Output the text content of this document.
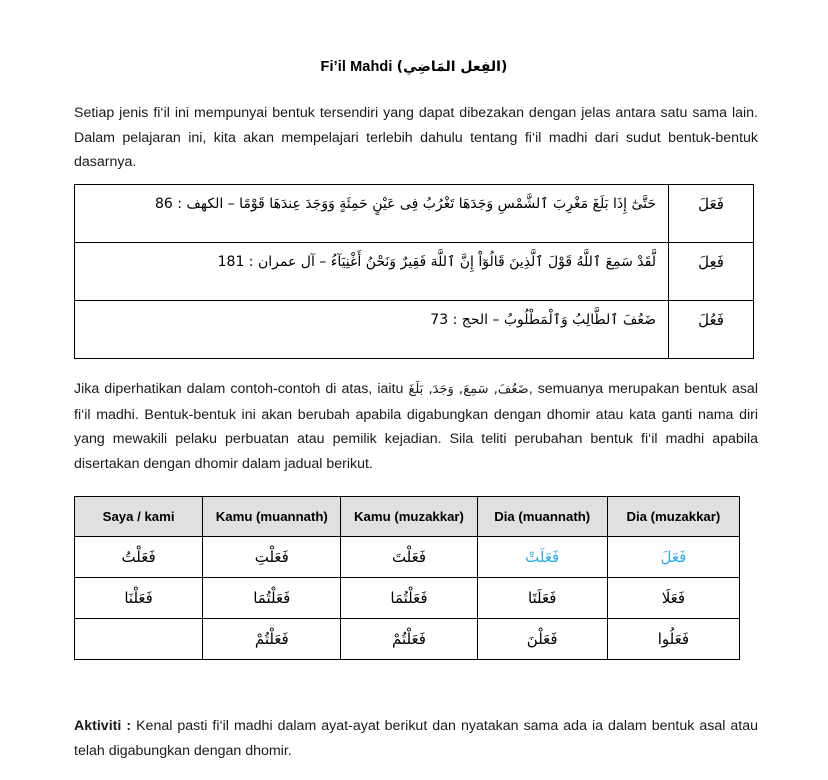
Fi’il Mahdi (الفِعل المَاضِي)
Setiap jenis fi‘il ini mempunyai bentuk tersendiri yang dapat dibezakan dengan jelas antara satu sama lain. Dalam pelajaran ini, kita akan mempelajari terlebih dahulu tentang fi‘il madhi dari sudut bentuk-bentuk dasarnya.
حَتَّىٰٓ إِذَا بَلَغَ مَغْرِبَ ٱلشَّمْسِ وَجَدَهَا تَغْرُبُ فِى عَيْنٍ حَمِئَةٍ وَوَجَدَ عِندَهَا قَوْمًا – الكهف : 86	فَعَلَ

لَّقَدْ سَمِعَ ٱللَّهُ قَوْلَ ٱلَّذِينَ قَالُوٓاْ إِنَّ ٱللَّهَ فَقِيرٌ وَنَحْنُ أَغْنِيَآءُ – آل عمران : 181	فَعِلَ

ضَعُفَ ٱلطَّالِبُ وَٱلْمَطْلُوبُ – الحج : 73	فَعُلَ
Jika diperhatikan dalam contoh-contoh di atas, iaitu ضَعُفَ, سَمِعَ, وَجَدَ, بَلَغَ, semuanya merupakan bentuk asal fi‘il madhi. Bentuk-bentuk ini akan berubah apabila digabungkan dengan dhomir atau kata ganti nama diri yang mewakili pelaku perbuatan atau pemilik kejadian. Sila teliti perubahan bentuk fi‘il madhi apabila disertakan dengan dhomir dalam jadual berikut.
Saya / kami	Kamu (muannath)	Kamu (muzakkar)	Dia (muannath)	Dia (muzakkar)
فَعَلْتُ	فَعَلْتِ	فَعَلْتَ	فَعَلَتْ	فَعَلَ
فَعَلْنَا	فَعَلْتُمَا	فَعَلْتُمَا	فَعَلَتَا	فَعَلَا
	فَعَلْتُمْ	فَعَلْتُمْ	فَعَلْنَ	فَعَلُوا
Aktiviti : Kenal pasti fi‘il madhi dalam ayat-ayat berikut dan nyatakan sama ada ia dalam bentuk asal atau telah digabungkan dengan dhomir.
